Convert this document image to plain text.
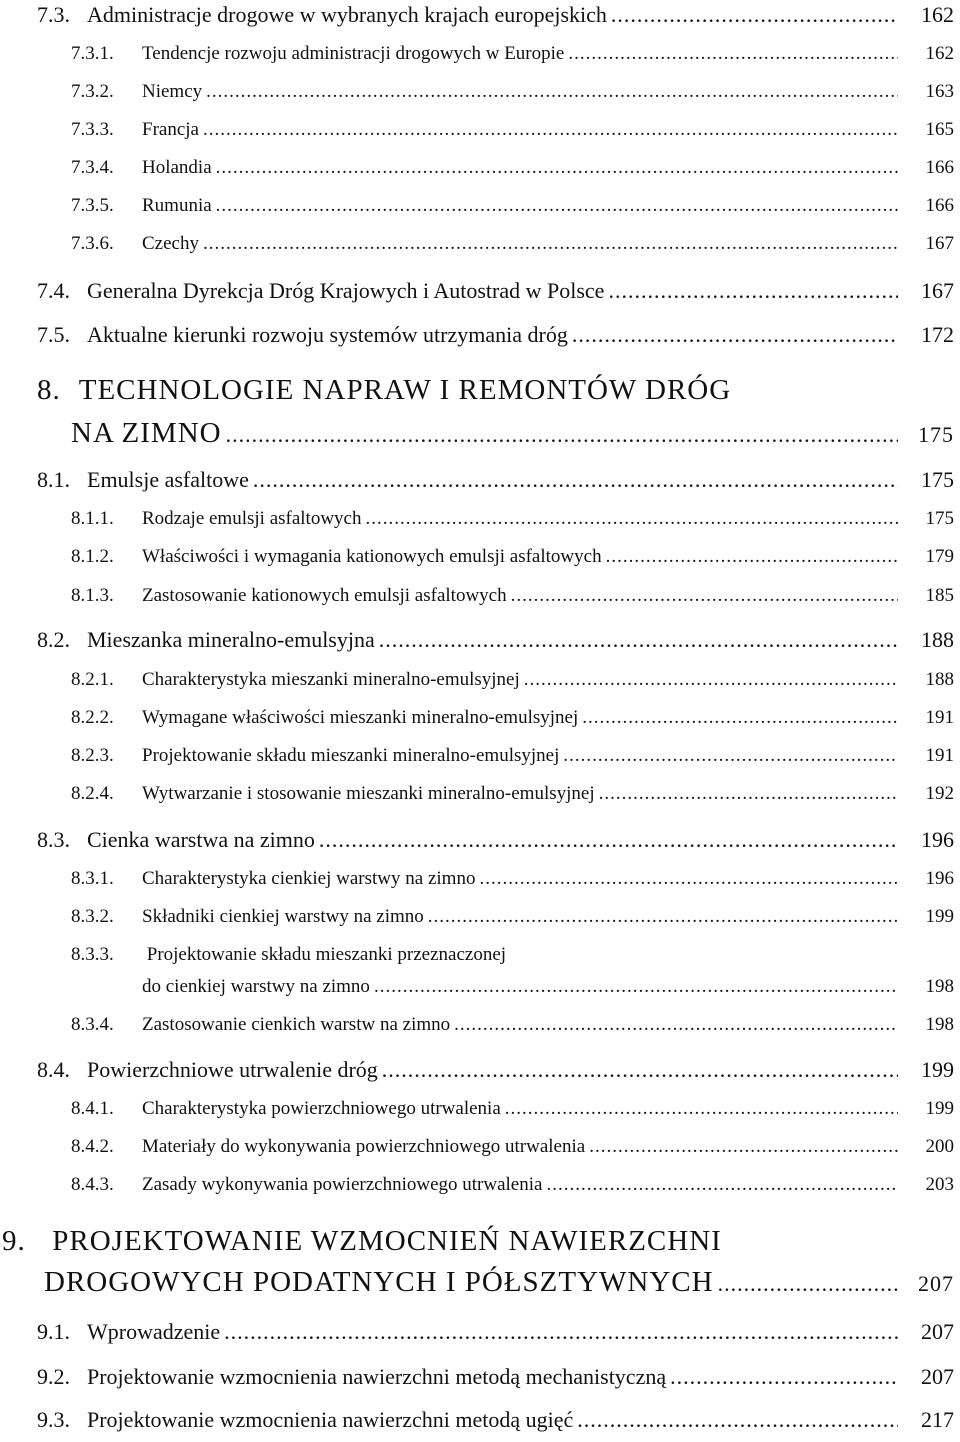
7.3. Administracje drogowe w wybranych krajach europejskich .....	162
7.3.1.	Tendencje rozwoju administracji drogowych w Europie .....	162
7.3.2.	Niemcy .....	163
7.3.3.	Francja .....	165
7.3.4.	Holandia .....	166
7.3.5.	Rumunia .....	166
7.3.6.	Czechy .....	167
7.4. Generalna Dyrekcja Dróg Krajowych i Autostrad w Polsce .....	167
7.5. Aktualne kierunki rozwoju systemów utrzymania dróg .....	172
8. TECHNOLOGIE NAPRAW I REMONTÓW DRÓG
NA ZIMNO .....	175
8.1. Emulsje asfaltowe .....	175
8.1.1.	Rodzaje emulsji asfaltowych .....	175
8.1.2.	Właściwości i wymagania kationowych emulsji asfaltowych .....	179
8.1.3.	Zastosowanie kationowych emulsji asfaltowych .....	185
8.2. Mieszanka mineralno-emulsyjna .....	188
8.2.1.	Charakterystyka mieszanki mineralno-emulsyjnej .....	188
8.2.2.	Wymagane właściwości mieszanki mineralno-emulsyjnej .....	191
8.2.3.	Projektowanie składu mieszanki mineralno-emulsyjnej .....	191
8.2.4.	Wytwarzanie i stosowanie mieszanki mineralno-emulsyjnej .....	192
8.3. Cienka warstwa na zimno .....	196
8.3.1.	Charakterystyka cienkiej warstwy na zimno .....	196
8.3.2.	Składniki cienkiej warstwy na zimno .....	199
8.3.3. Projektowanie składu mieszanki przeznaczonej
do cienkiej warstwy na zimno .....	198
8.3.4.	Zastosowanie cienkich warstw na zimno .....	198
8.4. Powierzchniowe utrwalenie dróg .....	199
8.4.1.	Charakterystyka powierzchniowego utrwalenia .....	199
8.4.2.	Materiały do wykonywania powierzchniowego utrwalenia .....	200
8.4.3.	Zasady wykonywania powierzchniowego utrwalenia .....	203
9. PROJEKTOWANIE WZMOCNIEŃ NAWIERZCHNI
DROGOWYCH PODATNYCH I PÓŁSZTYWNYCH .....	207
9.1. Wprowadzenie .....	207
9.2. Projektowanie wzmocnienia nawierzchni metodą mechanistyczną .....	207
9.3. Projektowanie wzmocnienia nawierzchni metodą ugięć .....	217
